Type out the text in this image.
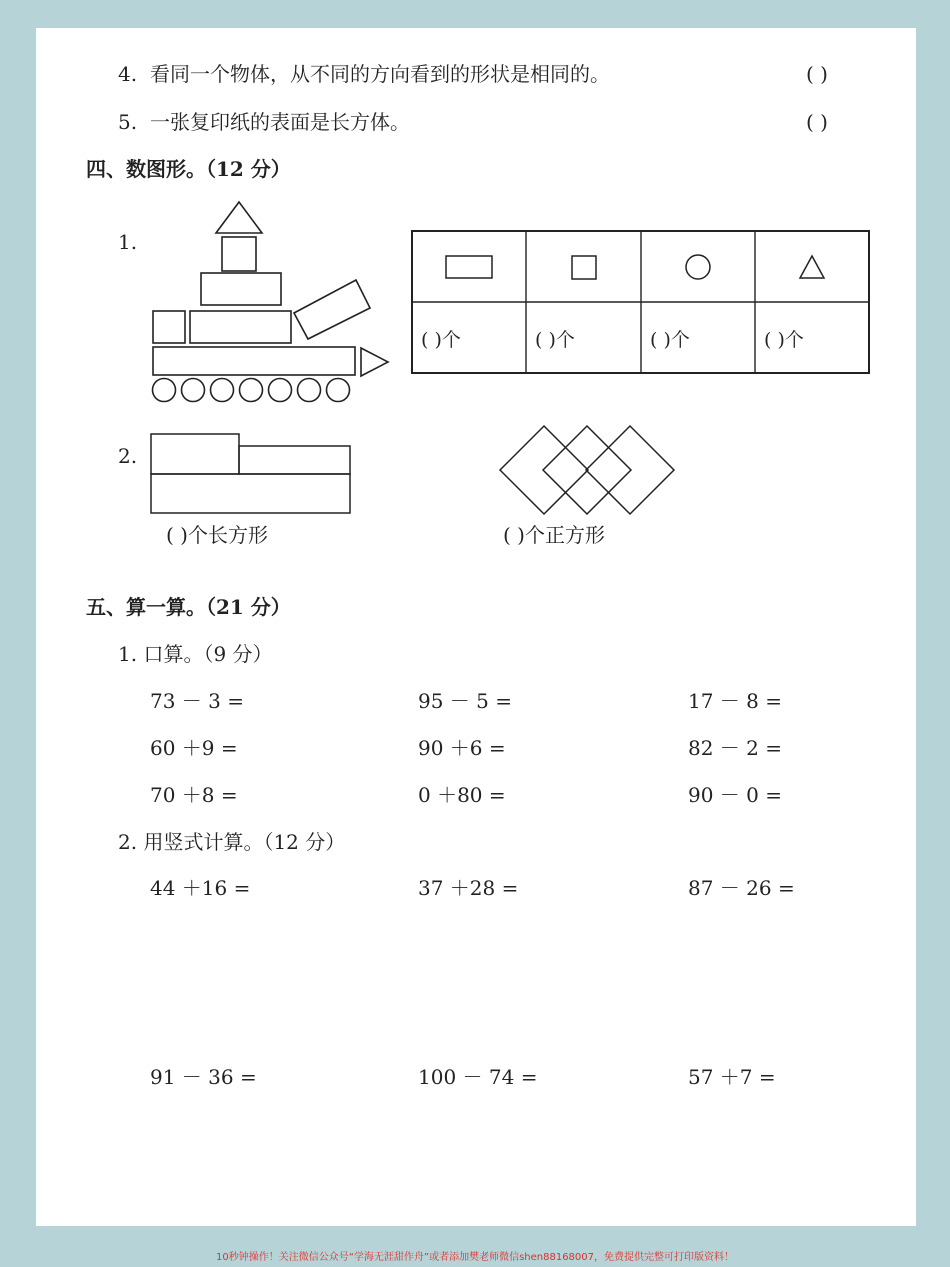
4. 看同一个物体，从不同的方向看到的形状是相同的。	( )
5. 一张复印纸的表面是长方体。	( )
四、数图形。（12 分）
1.
( )个	( )个	( )个	( )个
2.
( )个长方形	( )个正方形
五、算一算。（21 分）
1. 口算。（9 分）
73 － 3 =	95 － 5 =	17 － 8 =
60 ＋9 =	90 ＋6 =	82 － 2 =
70 ＋8 =	0 ＋80 =	90 － 0 =
2. 用竖式计算。（12 分）
44 ＋16 =	37 ＋28 =	87 － 26 =
91 － 36 =	100 － 74 =	57 ＋7 =
10秒钟操作！关注微信公众号“学海无涯甜作舟”或者添加樊老师微信shen88168007，免费提供完整可打印版资料！
